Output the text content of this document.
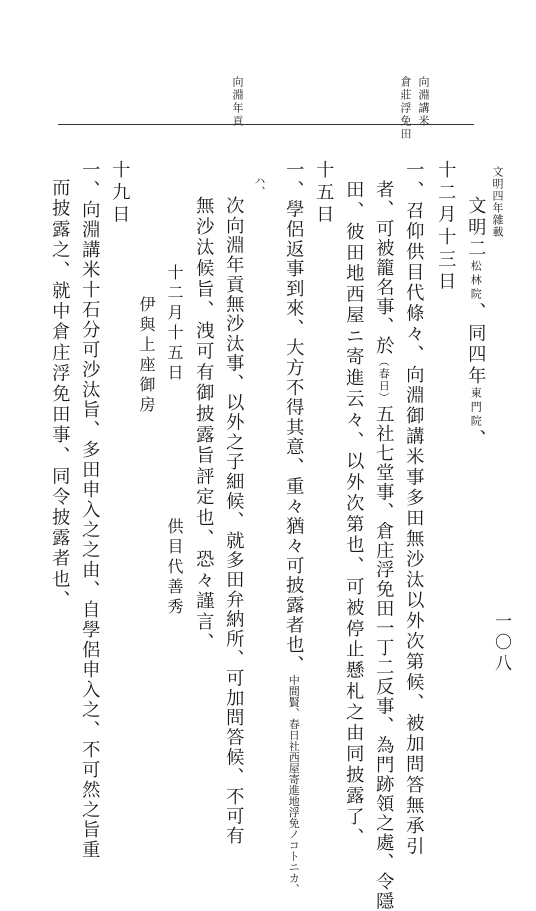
文明四年雜載
一〇八
向淵講米
倉莊浮免田
向淵年貢
十二月十三日 文明二松林院、同四年東門院、
一、召仰供目代條々、向淵御講米事多田無沙汰以外次第候、被加問答無承引
者、可被籠名事、於（春日）五社七堂事、倉庄浮免田一丁二反事、為門跡領之處、令隱
田、彼田地西屋ニ寄進云々、以外次第也、可被停止懸札之由同披露了、
十五日
一、學侶返事到來、大方不得其意、重々猶々可披露者也、中間賢、春日社西屋寄進地浮免ノコトニカ、
ハ、
次向淵年貢無沙汰事、以外之子細候、就多田弁納所、可加問答候、不可有
無沙汰候旨、洩可有御披露旨評定也、恐々謹言、
十二月十五日
供目代善秀
伊與上座御房
十九日
一、向淵講米十石分可沙汰旨、多田申入之之由、自學侶申入之、不可然之旨重
而披露之、就中倉庄浮免田事、同令披露者也、
